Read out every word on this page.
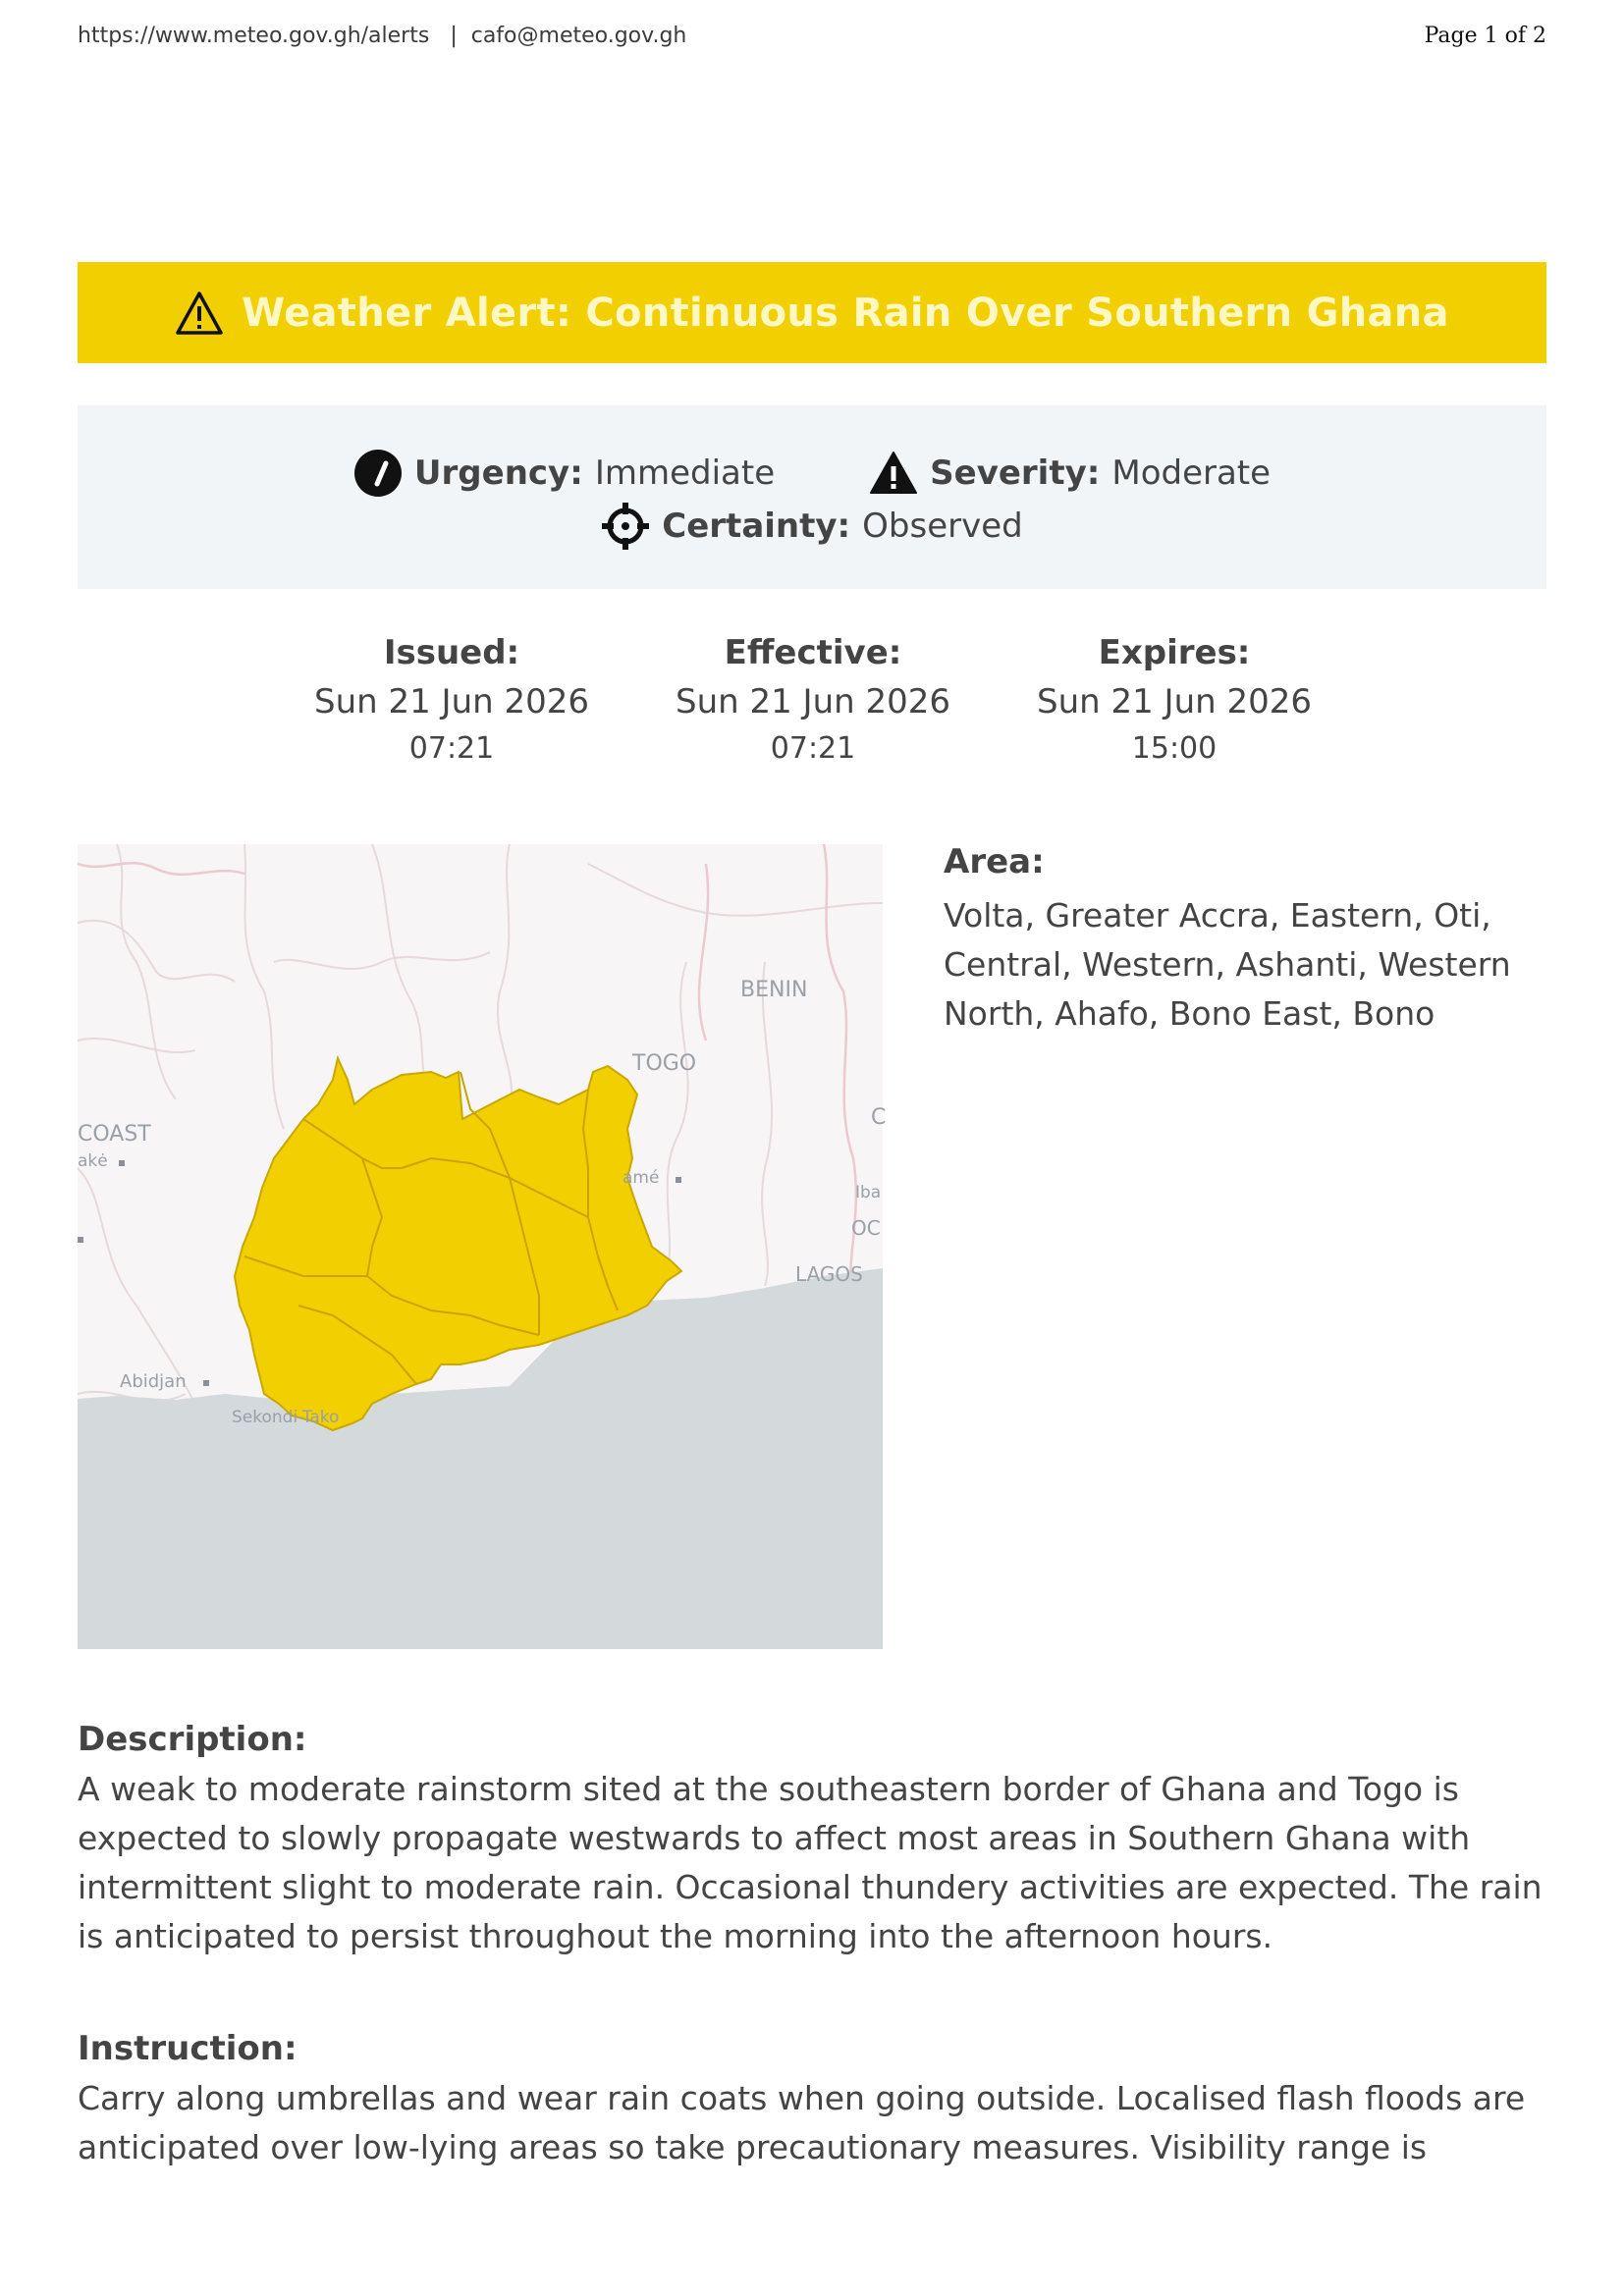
https://www.meteo.gov.gh/alerts   |  cafo@meteo.gov.gh	Page 1 of 2
Weather Alert: Continuous Rain Over Southern Ghana
Urgency: Immediate	Severity: Moderate
Certainty: Observed
Issued:
Sun 21 Jun 2026
07:21
Effective:
Sun 21 Jun 2026
07:21
Expires:
Sun 21 Jun 2026
15:00
BENIN
TOGO
COAST
akė
amé
Iba
OC
LAGOS
Abidjan
Sekondi-Tako
C
Area:
Volta, Greater Accra, Eastern, Oti, Central, Western, Ashanti, Western North, Ahafo, Bono East, Bono
Description:
A weak to moderate rainstorm sited at the southeastern border of Ghana and Togo is expected to slowly propagate westwards to affect most areas in Southern Ghana with intermittent slight to moderate rain. Occasional thundery activities are expected. The rain is anticipated to persist throughout the morning into the afternoon hours.
Instruction:
Carry along umbrellas and wear rain coats when going outside. Localised flash floods are anticipated over low-lying areas so take precautionary measures. Visibility range is
